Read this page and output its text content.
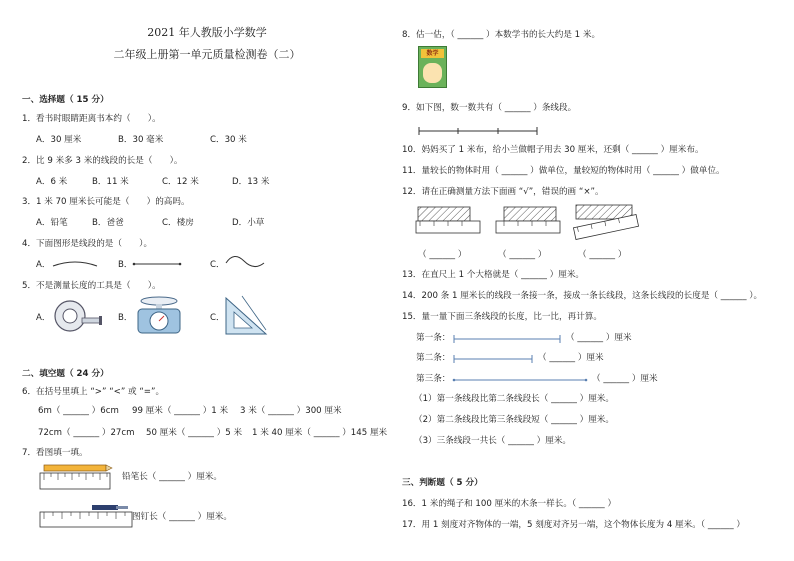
2021 年人教版小学数学
二年级上册第一单元质量检测卷（二）
一、选择题（ 15 分）
1．看书时眼睛距离书本约（　　）。
A．30 厘米	B．30 毫米	C．30 米
2．比 9 米多 3 米的线段的长是（　　）。
A．6 米	B．11 米	C．12 米	D．13 米
3．1 米 70 厘米长可能是（　　）的高吗。
A．铅笔	B．爸爸	C．楼房	D．小草
4．下面图形是线段的是（　　）。
A．	B．	C．
5．不是测量长度的工具是（　　）。
A．	B．	C．
二、填空题（ 24 分）
6．在括号里填上 “>” “<” 或 “=”。
6m（ ______ ）6cm 99 厘米（ ______ ）1 米 3 米（ ______ ）300 厘米
72cm（ ______ ）27cm 50 厘米（ ______ ）5 米 1 米 40 厘米（ ______ ）145 厘米
7．看图填一填。
铅笔长（ ______ ）厘米。
图钉长（ ______ ）厘米。
8．估一估，（ ______ ）本数学书的长大约是 1 米。
数学
9．如下图，数一数共有（ ______ ）条线段。
10．妈妈买了 1 米布，给小兰做帽子用去 30 厘米，还剩（ ______ ）厘米布。
11．量较长的物体时用（ ______ ）做单位，量较短的物体时用（ ______ ）做单位。
12．请在正确测量方法下面画 “√”，错误的画 “×”。
（ ______ ）	（ ______ ）	（ ______ ）
13．在直尺上 1 个大格就是（ ______ ）厘米。
14．200 条 1 厘米长的线段一条接一条，接成一条长线段，这条长线段的长度是（ ______ ）。
15．量一量下面三条线段的长度，比一比，再计算。
第一条：	（ ______ ）厘米
第二条：	（ ______ ）厘米
第三条：	（ ______ ）厘米
（1）第一条线段比第二条线段长（ ______ ）厘米。
（2）第二条线段比第三条线段短（ ______ ）厘米。
（3）三条线段一共长（ ______ ）厘米。
三、判断题（ 5 分）
16．1 米的绳子和 100 厘米的木条一样长。（ ______ ）
17．用 1 刻度对齐物体的一端，5 刻度对齐另一端，这个物体长度为 4 厘米。（ ______ ）
